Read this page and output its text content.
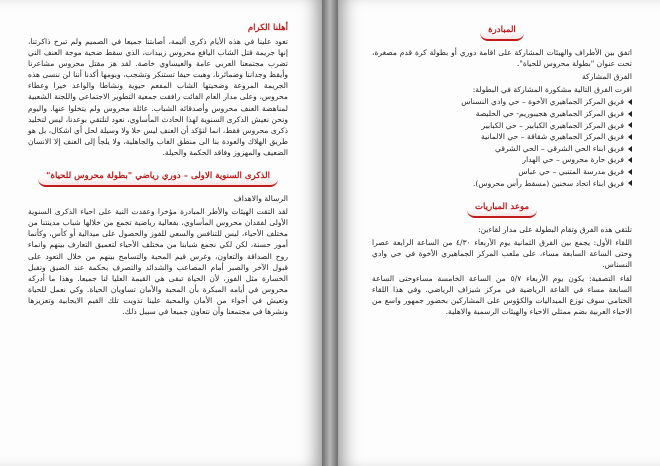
أهلنا الكرام

تعود علينا في هذه الأيام ذكرى أليمة، أصابتنا جميعا في الصميم ولم تبرح ذاكرتنا، إنها جريمة قتل الشاب اليافع محروس زبيدات، الذي سقط ضحية موجة العنف التي تضرب مجتمعنا العربي عامة والعيساوي خاصة. لقد هز مقتل محروس مشاعرنا وأيقظ وجداننا وضمائرنا، وهبت حيفا تستنكر وتشجب، ويومها أكدنا أننا لن ننسى هذه الجريمة المروعة وضحيتها الشاب المفعم حيوية ونشاطا والواعد خيرا وعطاء محروس، وعلى مدار العام الفائت رافقت جمعية التطوير الاجتماعي واللجنة الشعبية لمناهضة العنف محروس وأصدقائه الشباب. عائلة محروس ولم يتخلوا عنها. واليوم ونحن نعيش الذكرى السنوية لهذا الحادث المأساوي، نعود لنلتقي بوعدنا، ليس لتخليد ذكرى محروس فقط، انما لنؤكد أن العنف ليس حلا ولا وسيلة لحل أي اشكال، بل هو طريق الهلاك والعودة بنا الى منطق الغاب والجاهلية، ولا يلجأ إلى العنف إلا الانسان الضعيف والمهزوز وفاقد الحكمة والحيلة.

الذكرى السنوية الاولى – دوري رياضي "بطولة محروس للحياة"

الرسالة والاهداف

لقد التقت الهيئات والأطر المبادرة مؤخرا وعقدت النية على احياء الذكرى السنوية الأولى لفقدان محروس المأساوي، بفعالية رياضية تجمع من خلالها شباب مدينتنا من مختلف الأحياء، ليس للتنافس والسعي للفوز والحصول على ميدالية أو كأس، وكأنما أمور حسنة، لكن لكي نجمع شبابنا من مختلف الأحياء لتعميق التعارف بينهم وانماء روح الصداقة والتعاون، وغرس قيم المحبة والتسامح بينهم من خلال التعود على قبول الآخر والصبر أمام المصاعب والشدائد والتصرف بحكمة عند الضيق وتقبل الخسارة مثل الفوز، لأن الحياة تبقى هي القيمة العليا لنا جميعا. وهذا ما أدركه محروس في أيامه المبكرة بأن المحبة والأمان تساويان الحياة. وكي نعمل للحياة وتعيش في أجواء من الأمان والمحبة علينا تذويت تلك القيم الايجابية وتعزيزها ونشرها في مجتمعنا وأن نتعاون جميعا في سبيل ذلك.

المبادرة

اتفق بين الأطراف والهيئات المشاركة على اقامة دوري أو بطولة كرة قدم مصغرة، تحت عنوان "بطولة محروس للحياة".

الفرق المشاركة

اقرت الفرق التالية مشكورة المشاركة في البطولة:

فريق المركز الجماهيري الأخوة – حي وادي النسناس
فريق المركز الجماهيري هجيبوريم- حي الحليصة
فريق المركز الجماهيري الكبابير – حي الكبابير
فريق المركز الجماهيري شقاقة – حي الالمانية
فريق ابناء الحي الشرقي – الحي الشرقي
فريق حارة محروس – حي الهدار
فريق مدرسة المتنبي – حي عباس
فريق ابناء اتحاد سخنين (مسقط رأس محروس).
موعد المباريات

تلتقي هذه الفرق وتقام البطولة على مدار لقاءين:

اللقاء الأول: يجمع بين الفرق الثمانية يوم الأربعاء ٤/٣٠ من الساعة الرابعة عصرا وحتى الساعة السابعة مساء، على ملعب المركز الجماهيري الأخوة في حي وادي النسناس.

لقاء التصفية: يكون يوم الأربعاء ٥/٧ من الساعة الخامسة مساءوحتى الساعة السابعة مساء في القاعة الرياضية في مركز شيزاف الرياضي. وفي هذا اللقاء الختامي سوف توزع الميداليات والكؤوس على المشاركين بحضور جمهور واسع من الاحياء العربية بضم ممثلي الاحياء والهيئات الرسمية والاهلية.
